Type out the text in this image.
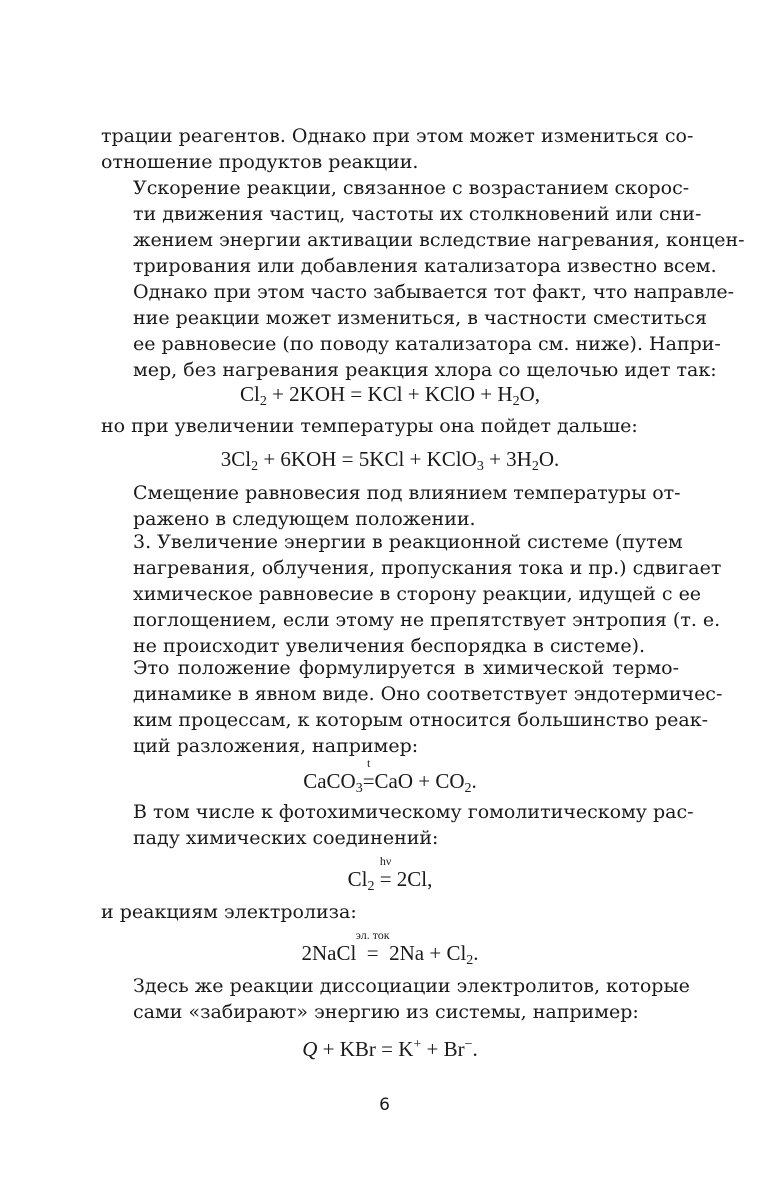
трации реагентов. Однако при этом может измениться со-
отношение продуктов реакции.

Ускорение реакции, связанное с возрастанием скорос-
ти движения частиц, частоты их столкновений или сни-
жением энергии активации вследствие нагревания, концен-
трирования или добавления катализатора известно всем.
Однако при этом часто забывается тот факт, что направле-
ние реакции может измениться, в частности сместиться
ее равновесие (по поводу катализатора см. ниже). Напри-
мер, без нагревания реакция хлора со щелочью идет так:

$Cl_2 + 2KOH$ = KCl + KClO + $H_2O$,

но при увеличении температуры она пойдет дальше:

$3Cl_2 + 6KOH = 5KCl$ + KClO$_3$ + $3H_2O$.

Смещение равновесия под влиянием температуры от-
ражено в следующем положении.

3. Увеличение энергии в реакционной системе (путем
нагревания, облучения, пропускания тока и пр.) сдвигает
химическое равновесие в сторону реакции, идущей с ее
поглощением, если этому не препятствует энтропия (т. е.
не происходит увеличения беспорядка в системе).

Это положение формулируется в химической термо-
динамике в явном виде. Оно соответствует эндотермичес-
ким процессам, к которым относится большинство реак-
ций разложения, например:

CaCO$_3$
t
$=CaO + CO_2$.

В том числе к фотохимическому гомолитическому рас-
паду химических соединений:

$Cl_2$
hν
= 2Cl,

и реакциям электролиза:

2NaCl
эл. ток
=  $2Na + Cl_2$.

Здесь же реакции диссоциации электролитов, которые
сами «забирают» энергию из системы, например:

Q + KBr = K+ + Br−.
6
